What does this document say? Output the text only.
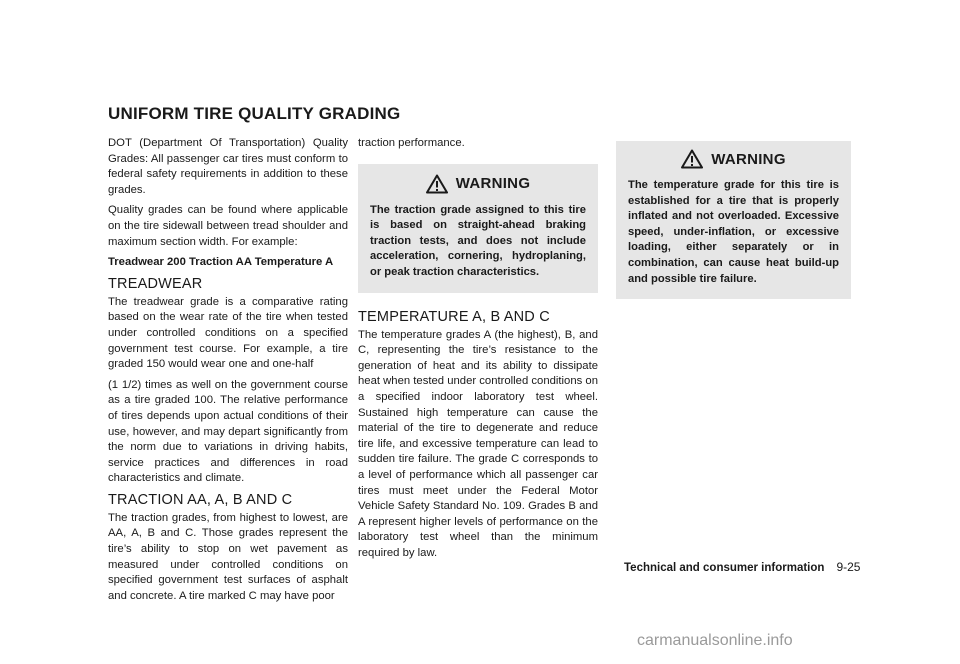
UNIFORM TIRE QUALITY GRADING

DOT (Department Of Transportation) Quality Grades: All passenger car tires must conform to federal safety requirements in addition to these grades.

Quality grades can be found where applicable on the tire sidewall between tread shoulder and maximum section width. For example:

Treadwear 200 Traction AA Temperature A

TREADWEAR

The treadwear grade is a comparative rating based on the wear rate of the tire when tested under controlled conditions on a specified government test course. For example, a tire graded 150 would wear one and one-half

(1 1/2) times as well on the government course as a tire graded 100. The relative performance of tires depends upon actual conditions of their use, however, and may depart significantly from the norm due to variations in driving habits, service practices and differences in road characteristics and climate.

TRACTION AA, A, B AND C

The traction grades, from highest to lowest, are AA, A, B and C. Those grades represent the tire’s ability to stop on wet pavement as measured under controlled conditions on specified government test surfaces of asphalt and concrete. A tire marked C may have poor

traction performance.

WARNING

The traction grade assigned to this tire is based on straight-ahead braking traction tests, and does not include acceleration, cornering, hydroplaning, or peak traction characteristics.

TEMPERATURE A, B AND C

The temperature grades A (the highest), B, and C, representing the tire’s resistance to the generation of heat and its ability to dissipate heat when tested under controlled conditions on a specified indoor laboratory test wheel. Sustained high temperature can cause the material of the tire to degenerate and reduce tire life, and excessive temperature can lead to sudden tire failure. The grade C corresponds to a level of performance which all passenger car tires must meet under the Federal Motor Vehicle Safety Standard No. 109. Grades B and A represent higher levels of performance on the laboratory test wheel than the minimum required by law.

WARNING

The temperature grade for this tire is established for a tire that is properly inflated and not overloaded. Excessive speed, under-inflation, or excessive loading, either separately or in combination, can cause heat build-up and possible tire failure.

Technical and consumer information 9-25
carmanualsonline.info
